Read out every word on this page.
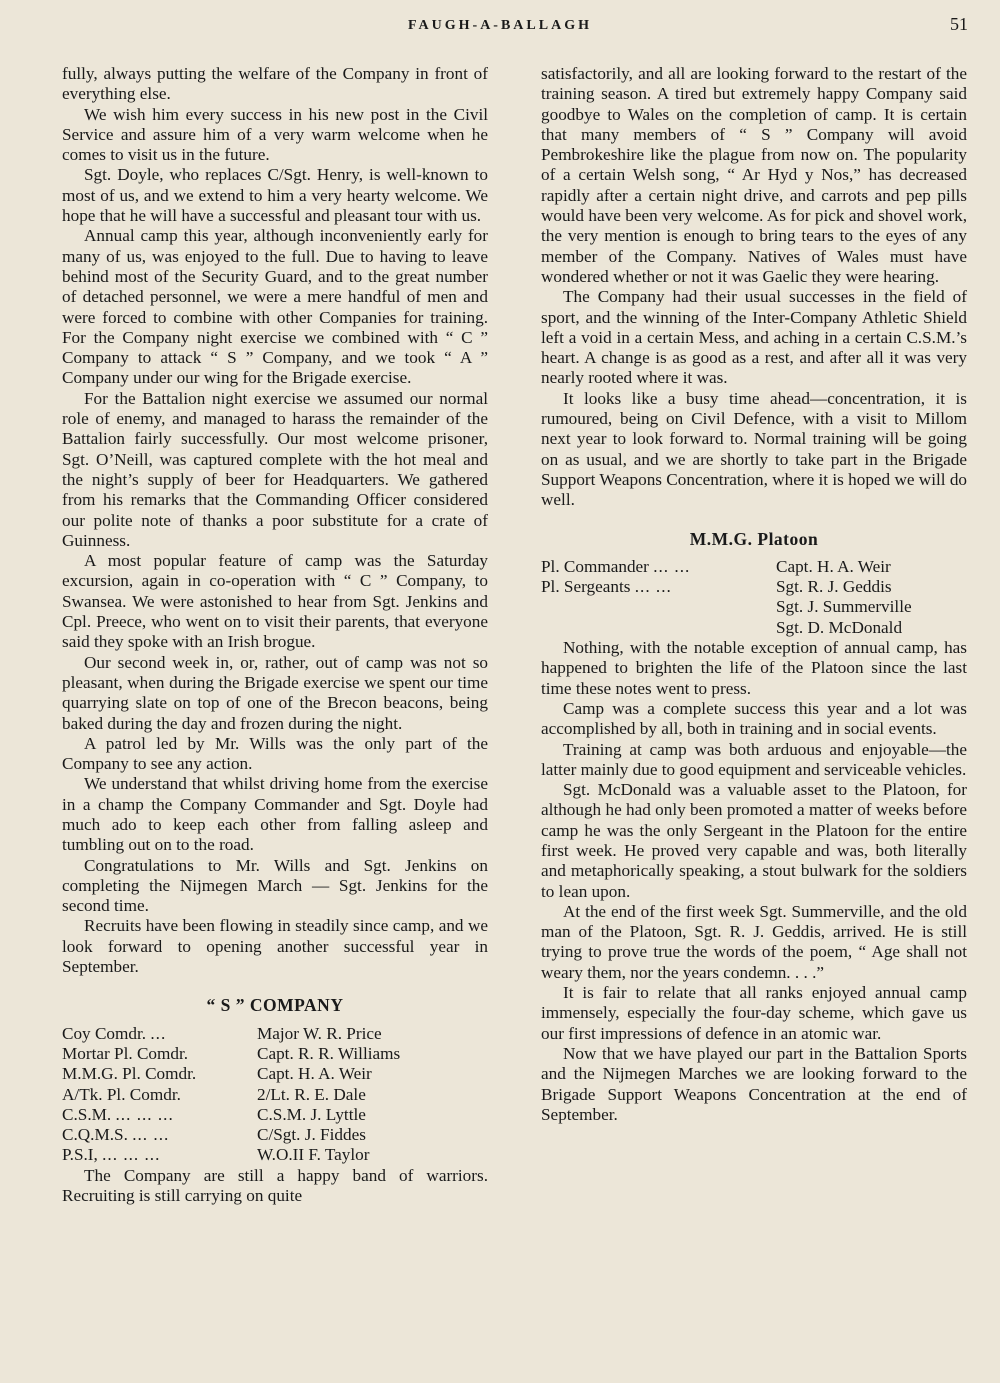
FAUGH-A-BALLAGH	51

fully, always putting the welfare of the Company in front of everything else.

We wish him every success in his new post in the Civil Service and assure him of a very warm welcome when he comes to visit us in the future.

Sgt. Doyle, who replaces C/Sgt. Henry, is well-known to most of us, and we extend to him a very hearty welcome. We hope that he will have a successful and pleasant tour with us.

Annual camp this year, although inconveniently early for many of us, was enjoyed to the full. Due to having to leave behind most of the Security Guard, and to the great number of detached personnel, we were a mere handful of men and were forced to combine with other Companies for training. For the Company night exercise we combined with “ C ” Company to attack “ S ” Company, and we took “ A ” Company under our wing for the Brigade exercise.

For the Battalion night exercise we assumed our normal role of enemy, and managed to harass the remainder of the Battalion fairly successfully. Our most welcome prisoner, Sgt. O’Neill, was captured complete with the hot meal and the night’s supply of beer for Headquarters. We gathered from his remarks that the Commanding Officer considered our polite note of thanks a poor substitute for a crate of Guinness.

A most popular feature of camp was the Saturday excursion, again in co-operation with “ C ” Company, to Swansea. We were astonished to hear from Sgt. Jenkins and Cpl. Preece, who went on to visit their parents, that everyone said they spoke with an Irish brogue.

Our second week in, or, rather, out of camp was not so pleasant, when during the Brigade exercise we spent our time quarrying slate on top of one of the Brecon beacons, being baked during the day and frozen during the night.

A patrol led by Mr. Wills was the only part of the Company to see any action.

We understand that whilst driving home from the exercise in a champ the Company Commander and Sgt. Doyle had much ado to keep each other from falling asleep and tumbling out on to the road.

Congratulations to Mr. Wills and Sgt. Jenkins on completing the Nijmegen March — Sgt. Jenkins for the second time.

Recruits have been flowing in steadily since camp, and we look forward to opening another successful year in September.

“ S ” COMPANY
Coy Comdr. ...	Major W. R. Price
Mortar Pl. Comdr.	Capt. R. R. Williams
M.M.G. Pl. Comdr.	Capt. H. A. Weir
A/Tk. Pl. Comdr.	2/Lt. R. E. Dale
C.S.M. ... ... ...	C.S.M. J. Lyttle
C.Q.M.S. ... ...	C/Sgt. J. Fiddes
P.S.I, ... ... ...	W.O.II F. Taylor

The Company are still a happy band of warriors. Recruiting is still carrying on quite

satisfactorily, and all are looking forward to the restart of the training season. A tired but extremely happy Company said goodbye to Wales on the completion of camp. It is certain that many members of “ S ” Company will avoid Pembrokeshire like the plague from now on. The popularity of a certain Welsh song, “ Ar Hyd y Nos,” has decreased rapidly after a certain night drive, and carrots and pep pills would have been very welcome. As for pick and shovel work, the very mention is enough to bring tears to the eyes of any member of the Company. Natives of Wales must have wondered whether or not it was Gaelic they were hearing.

The Company had their usual successes in the field of sport, and the winning of the Inter-Company Athletic Shield left a void in a certain Mess, and aching in a certain C.S.M.’s heart. A change is as good as a rest, and after all it was very nearly rooted where it was.

It looks like a busy time ahead—concentration, it is rumoured, being on Civil Defence, with a visit to Millom next year to look forward to. Normal training will be going on as usual, and we are shortly to take part in the Brigade Support Weapons Concentration, where it is hoped we will do well.

M.M.G. Platoon
Pl. Commander ... ...	Capt. H. A. Weir
Pl. Sergeants ... ...	Sgt. R. J. Geddis
	Sgt. J. Summerville
	Sgt. D. McDonald

Nothing, with the notable exception of annual camp, has happened to brighten the life of the Platoon since the last time these notes went to press.

Camp was a complete success this year and a lot was accomplished by all, both in training and in social events.

Training at camp was both arduous and enjoyable—the latter mainly due to good equipment and serviceable vehicles.

Sgt. McDonald was a valuable asset to the Platoon, for although he had only been promoted a matter of weeks before camp he was the only Sergeant in the Platoon for the entire first week. He proved very capable and was, both literally and metaphorically speaking, a stout bulwark for the soldiers to lean upon.

At the end of the first week Sgt. Summerville, and the old man of the Platoon, Sgt. R. J. Geddis, arrived. He is still trying to prove true the words of the poem, “ Age shall not weary them, nor the years condemn. . . .”

It is fair to relate that all ranks enjoyed annual camp immensely, especially the four-day scheme, which gave us our first impressions of defence in an atomic war.

Now that we have played our part in the Battalion Sports and the Nijmegen Marches we are looking forward to the Brigade Support Weapons Concentration at the end of September.
